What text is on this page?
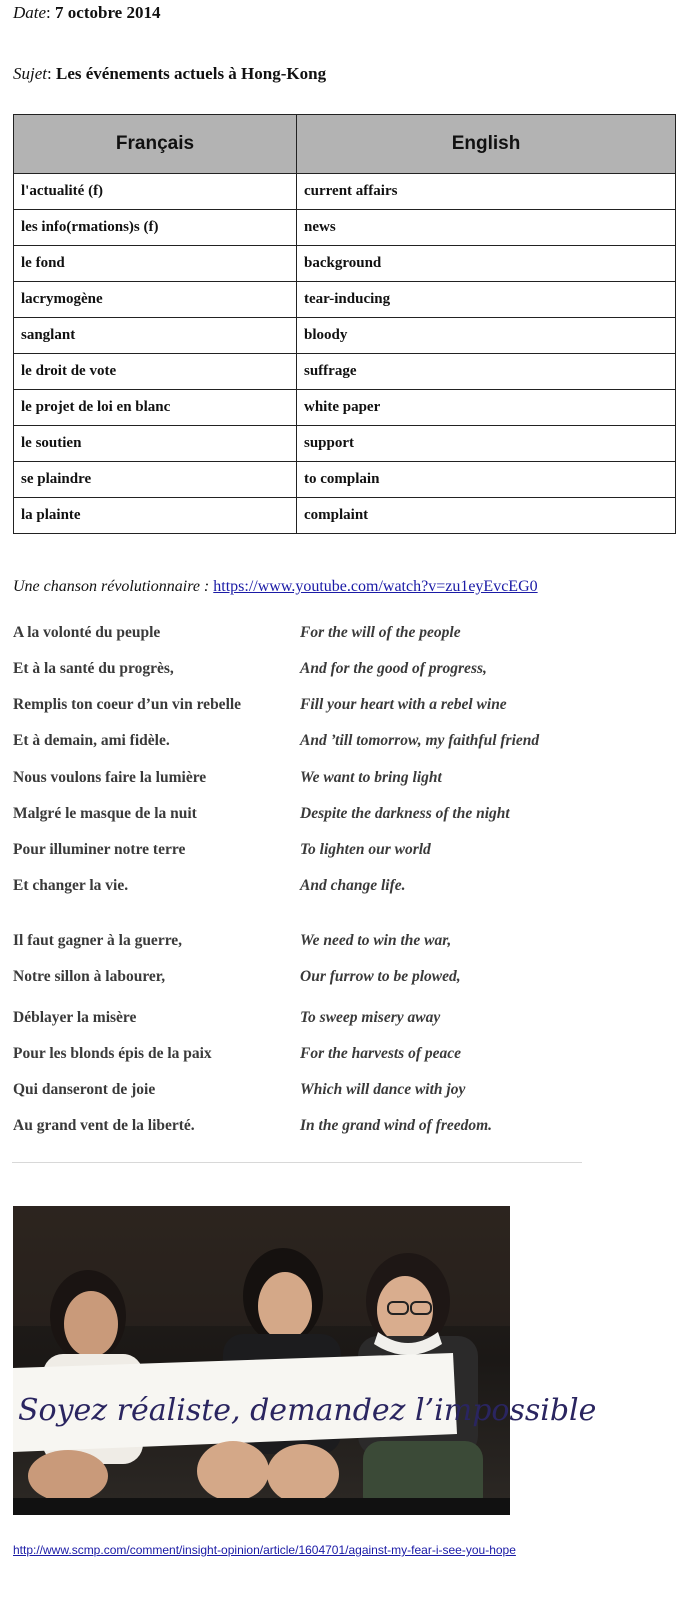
Date: 7 octobre 2014
Sujet: Les événements actuels à Hong-Kong
Français	English
l'actualité (f)	current affairs
les info(rmations)s (f)	news
le fond	background
lacrymogène	tear-inducing
sanglant	bloody
le droit de vote	suffrage
le projet de loi en blanc	white paper
le soutien	support
se plaindre	to complain
la plainte	complaint
Une chanson révolutionnaire : https://www.youtube.com/watch?v=zu1eyEvcEG0
A la volonté du peuple	For the will of the people
Et à la santé du progrès,	And for the good of progress,
Remplis ton coeur d’un vin rebelle	Fill your heart with a rebel wine
Et à demain, ami fidèle.	And ’till tomorrow, my faithful friend
Nous voulons faire la lumière	We want to bring light
Malgré le masque de la nuit	Despite the darkness of the night
Pour illuminer notre terre	To lighten our world
Et changer la vie.	And change life.
Il faut gagner à la guerre,	We need to win the war,
Notre sillon à labourer,	Our furrow to be plowed,
Déblayer la misère	To sweep misery away
Pour les blonds épis de la paix	For the harvests of peace
Qui danseront de joie	Which will dance with joy
Au grand vent de la liberté.	In the grand wind of freedom.
Soyez réaliste, demandez l’impossible
http://www.scmp.com/comment/insight-opinion/article/1604701/against-my-fear-i-see-you-hope
